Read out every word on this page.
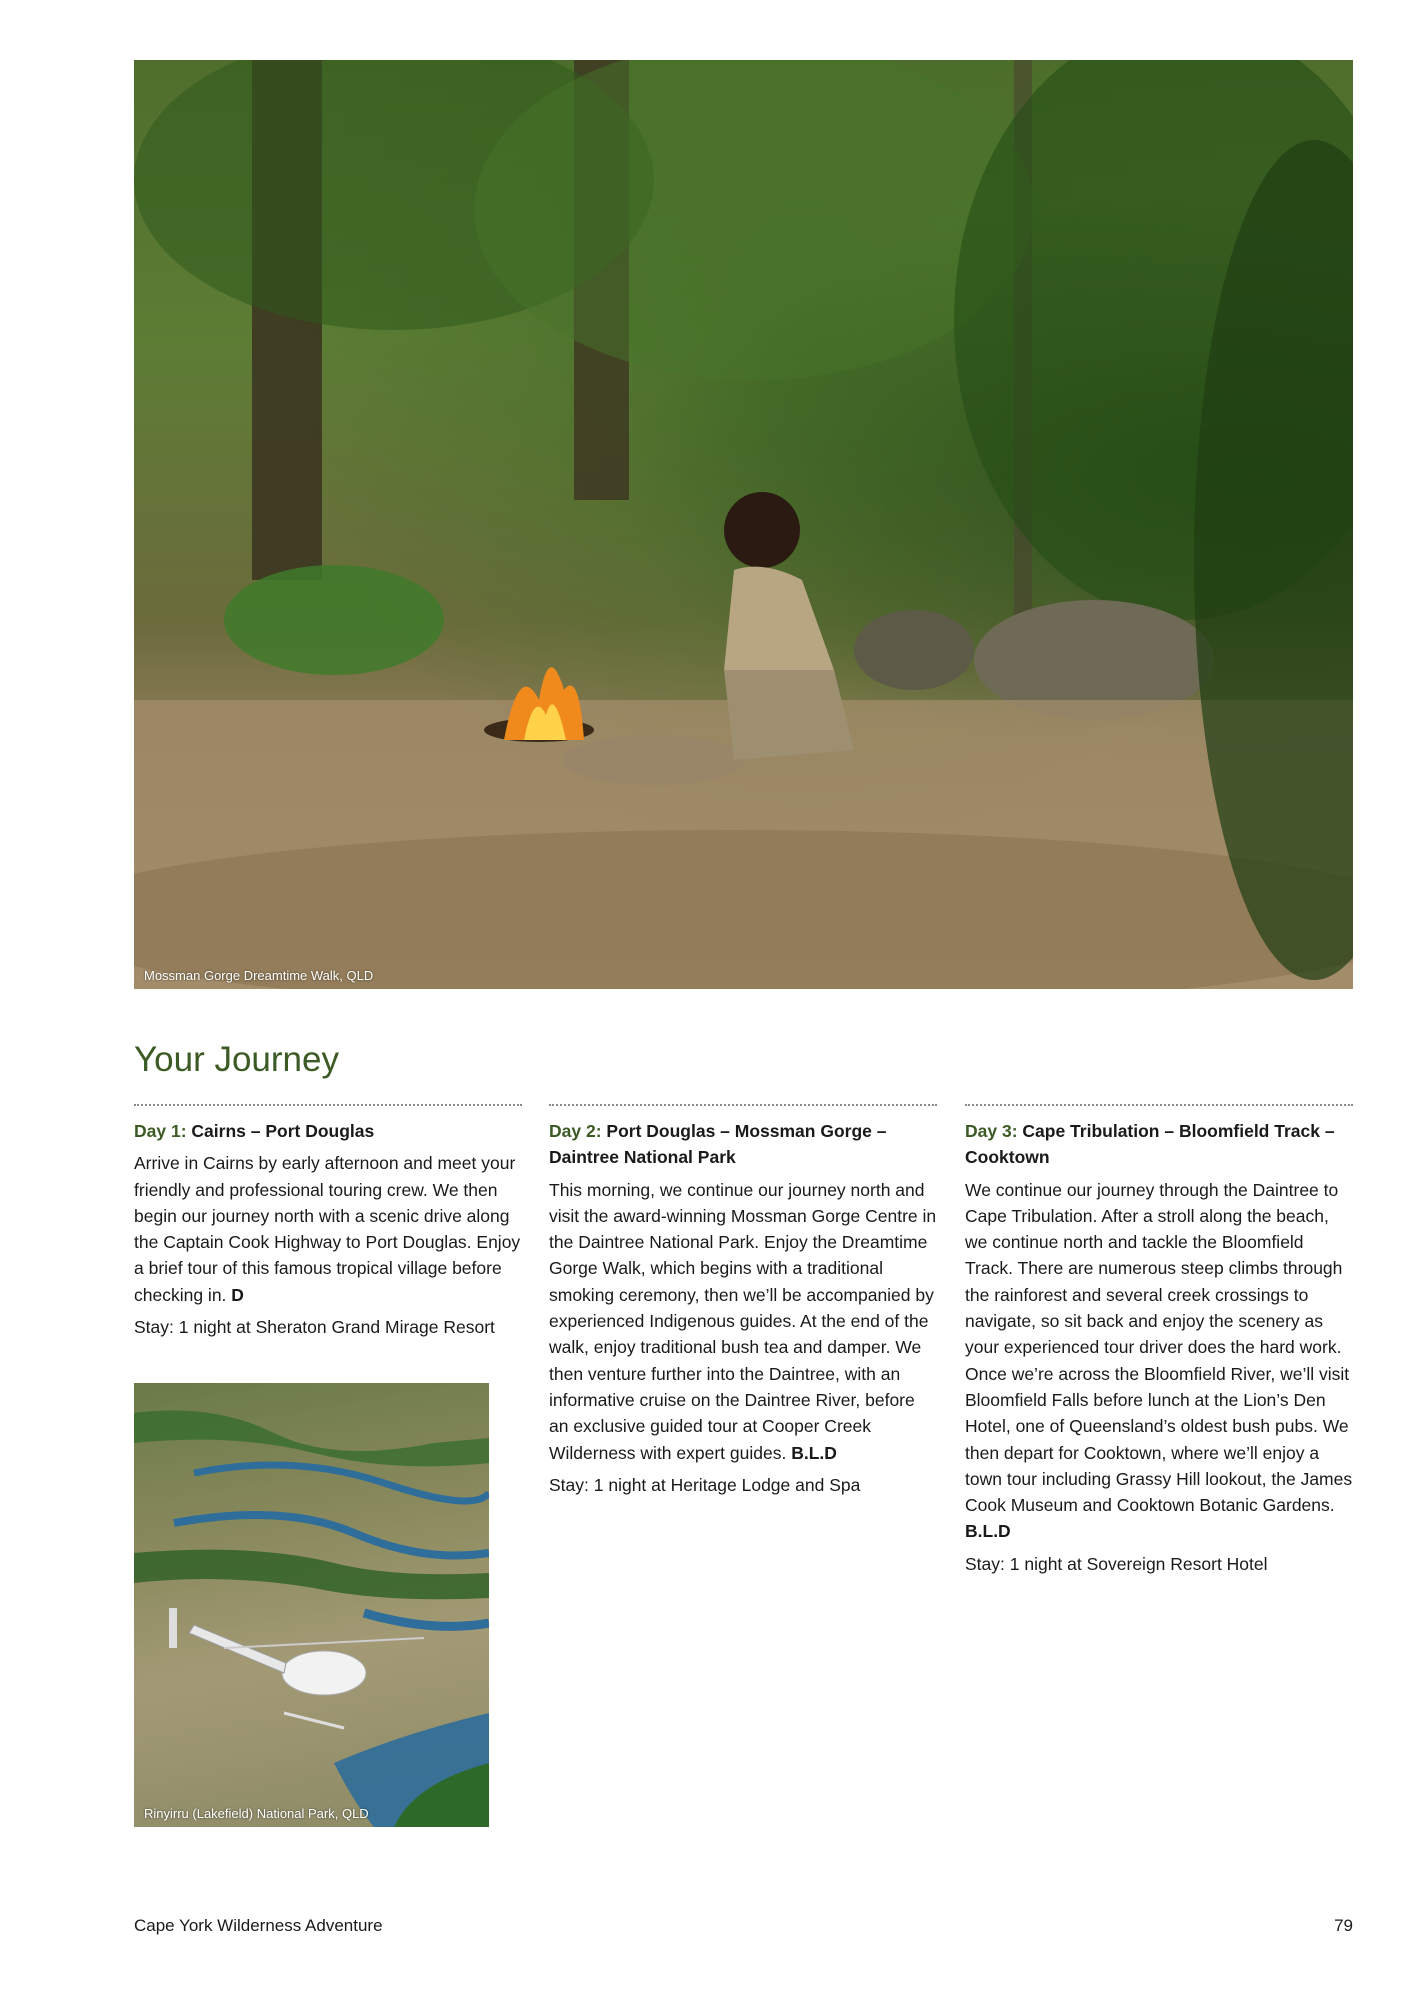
Mossman Gorge Dreamtime Walk, QLD
Your Journey
Day 1: Cairns – Port Douglas

Arrive in Cairns by early afternoon and meet your friendly and professional touring crew. We then begin our journey north with a scenic drive along the Captain Cook Highway to Port Douglas. Enjoy a brief tour of this famous tropical village before checking in. D

Stay: 1 night at Sheraton Grand Mirage Resort

Day 2: Port Douglas – Mossman Gorge – Daintree National Park

This morning, we continue our journey north and visit the award-winning Mossman Gorge Centre in the Daintree National Park. Enjoy the Dreamtime Gorge Walk, which begins with a traditional smoking ceremony, then we’ll be accompanied by experienced Indigenous guides. At the end of the walk, enjoy traditional bush tea and damper. We then venture further into the Daintree, with an informative cruise on the Daintree River, before an exclusive guided tour at Cooper Creek Wilderness with expert guides. B.L.D

Stay: 1 night at Heritage Lodge and Spa

Day 3: Cape Tribulation – Bloomfield Track – Cooktown

We continue our journey through the Daintree to Cape Tribulation. After a stroll along the beach, we continue north and tackle the Bloomfield Track. There are numerous steep climbs through the rainforest and several creek crossings to navigate, so sit back and enjoy the scenery as your experienced tour driver does the hard work. Once we’re across the Bloomfield River, we’ll visit Bloomfield Falls before lunch at the Lion’s Den Hotel, one of Queensland’s oldest bush pubs. We then depart for Cooktown, where we’ll enjoy a town tour including Grassy Hill lookout, the James Cook Museum and Cooktown Botanic Gardens. B.L.D

Stay: 1 night at Sovereign Resort Hotel

Rinyirru (Lakefield) National Park, QLD
Cape York Wilderness Adventure	79
